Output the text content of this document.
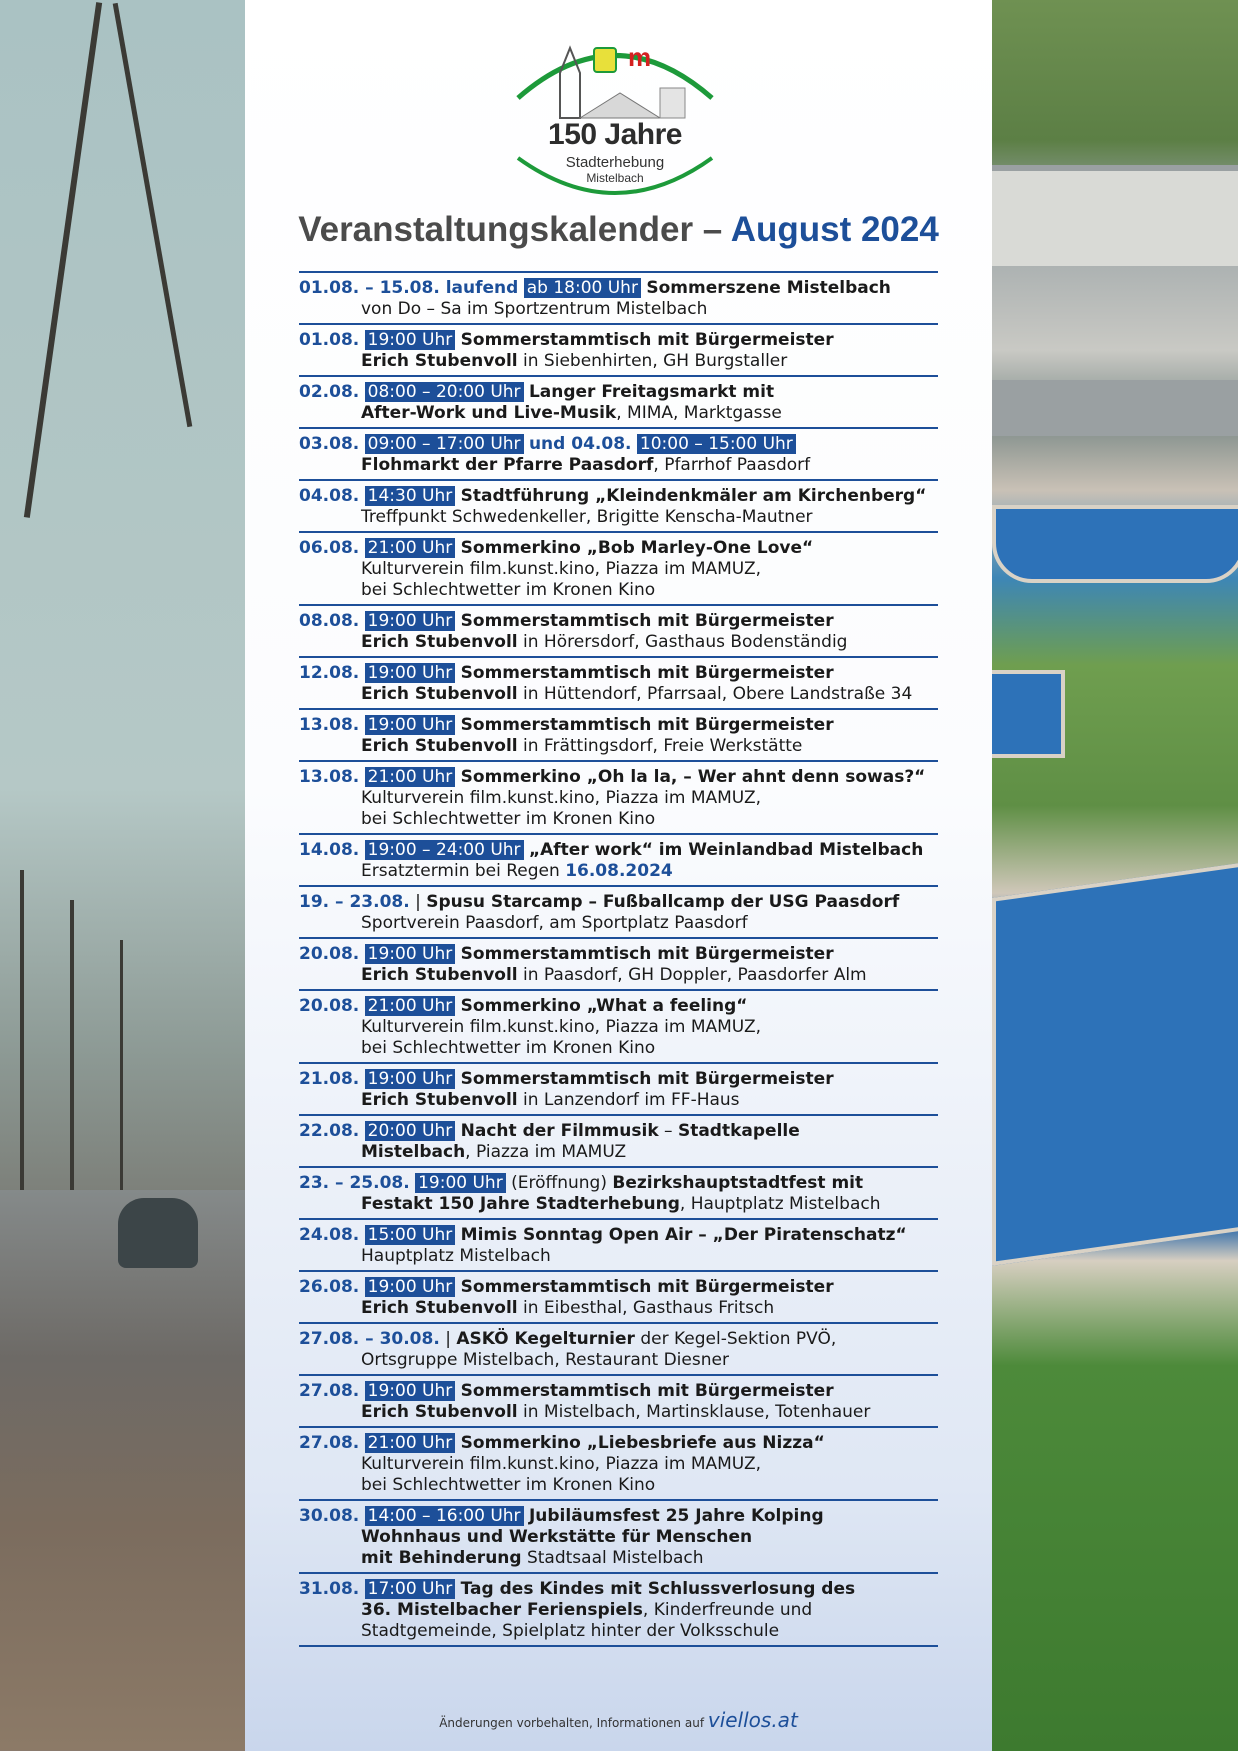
m
150 Jahre
Stadterhebung
Mistelbach
Veranstaltungskalender – August 2024
01.08. – 15.08. laufend ab 18:00 Uhr Sommerszene Mistelbach
von Do – Sa im Sportzentrum Mistelbach
01.08. 19:00 Uhr Sommerstammtisch mit Bürgermeister
Erich Stubenvoll in Siebenhirten, GH Burgstaller
02.08. 08:00 – 20:00 Uhr Langer Freitagsmarkt mit
After-Work und Live-Musik, MIMA, Marktgasse
03.08. 09:00 – 17:00 Uhr und 04.08. 10:00 – 15:00 Uhr
Flohmarkt der Pfarre Paasdorf, Pfarrhof Paasdorf
04.08. 14:30 Uhr Stadtführung „Kleindenkmäler am Kirchenberg“
Treffpunkt Schwedenkeller, Brigitte Kenscha-Mautner
06.08. 21:00 Uhr Sommerkino „Bob Marley-One Love“
Kulturverein film.kunst.kino, Piazza im MAMUZ,
bei Schlechtwetter im Kronen Kino
08.08. 19:00 Uhr Sommerstammtisch mit Bürgermeister
Erich Stubenvoll in Hörersdorf, Gasthaus Bodenständig
12.08. 19:00 Uhr Sommerstammtisch mit Bürgermeister
Erich Stubenvoll in Hüttendorf, Pfarrsaal, Obere Landstraße 34
13.08. 19:00 Uhr Sommerstammtisch mit Bürgermeister
Erich Stubenvoll in Frättingsdorf, Freie Werkstätte
13.08. 21:00 Uhr Sommerkino „Oh la la, – Wer ahnt denn sowas?“
Kulturverein film.kunst.kino, Piazza im MAMUZ,
bei Schlechtwetter im Kronen Kino
14.08. 19:00 – 24:00 Uhr „After work“ im Weinlandbad Mistelbach
Ersatztermin bei Regen 16.08.2024
19. – 23.08. | Spusu Starcamp – Fußballcamp der USG Paasdorf
Sportverein Paasdorf, am Sportplatz Paasdorf
20.08. 19:00 Uhr Sommerstammtisch mit Bürgermeister
Erich Stubenvoll in Paasdorf, GH Doppler, Paasdorfer Alm
20.08. 21:00 Uhr Sommerkino „What a feeling“
Kulturverein film.kunst.kino, Piazza im MAMUZ,
bei Schlechtwetter im Kronen Kino
21.08. 19:00 Uhr Sommerstammtisch mit Bürgermeister
Erich Stubenvoll in Lanzendorf im FF-Haus
22.08. 20:00 Uhr Nacht der Filmmusik – Stadtkapelle
Mistelbach, Piazza im MAMUZ
23. – 25.08. 19:00 Uhr (Eröffnung) Bezirkshauptstadtfest mit
Festakt 150 Jahre Stadterhebung, Hauptplatz Mistelbach
24.08. 15:00 Uhr Mimis Sonntag Open Air – „Der Piratenschatz“
Hauptplatz Mistelbach
26.08. 19:00 Uhr Sommerstammtisch mit Bürgermeister
Erich Stubenvoll in Eibesthal, Gasthaus Fritsch
27.08. – 30.08. | ASKÖ Kegelturnier der Kegel-Sektion PVÖ,
Ortsgruppe Mistelbach, Restaurant Diesner
27.08. 19:00 Uhr Sommerstammtisch mit Bürgermeister
Erich Stubenvoll in Mistelbach, Martinsklause, Totenhauer
27.08. 21:00 Uhr Sommerkino „Liebesbriefe aus Nizza“
Kulturverein film.kunst.kino, Piazza im MAMUZ,
bei Schlechtwetter im Kronen Kino
30.08. 14:00 – 16:00 Uhr Jubiläumsfest 25 Jahre Kolping
Wohnhaus und Werkstätte für Menschen
mit Behinderung Stadtsaal Mistelbach
31.08. 17:00 Uhr Tag des Kindes mit Schlussverlosung des
36. Mistelbacher Ferienspiels, Kinderfreunde und
Stadtgemeinde, Spielplatz hinter der Volksschule
Änderungen vorbehalten, Informationen auf viellos.at
